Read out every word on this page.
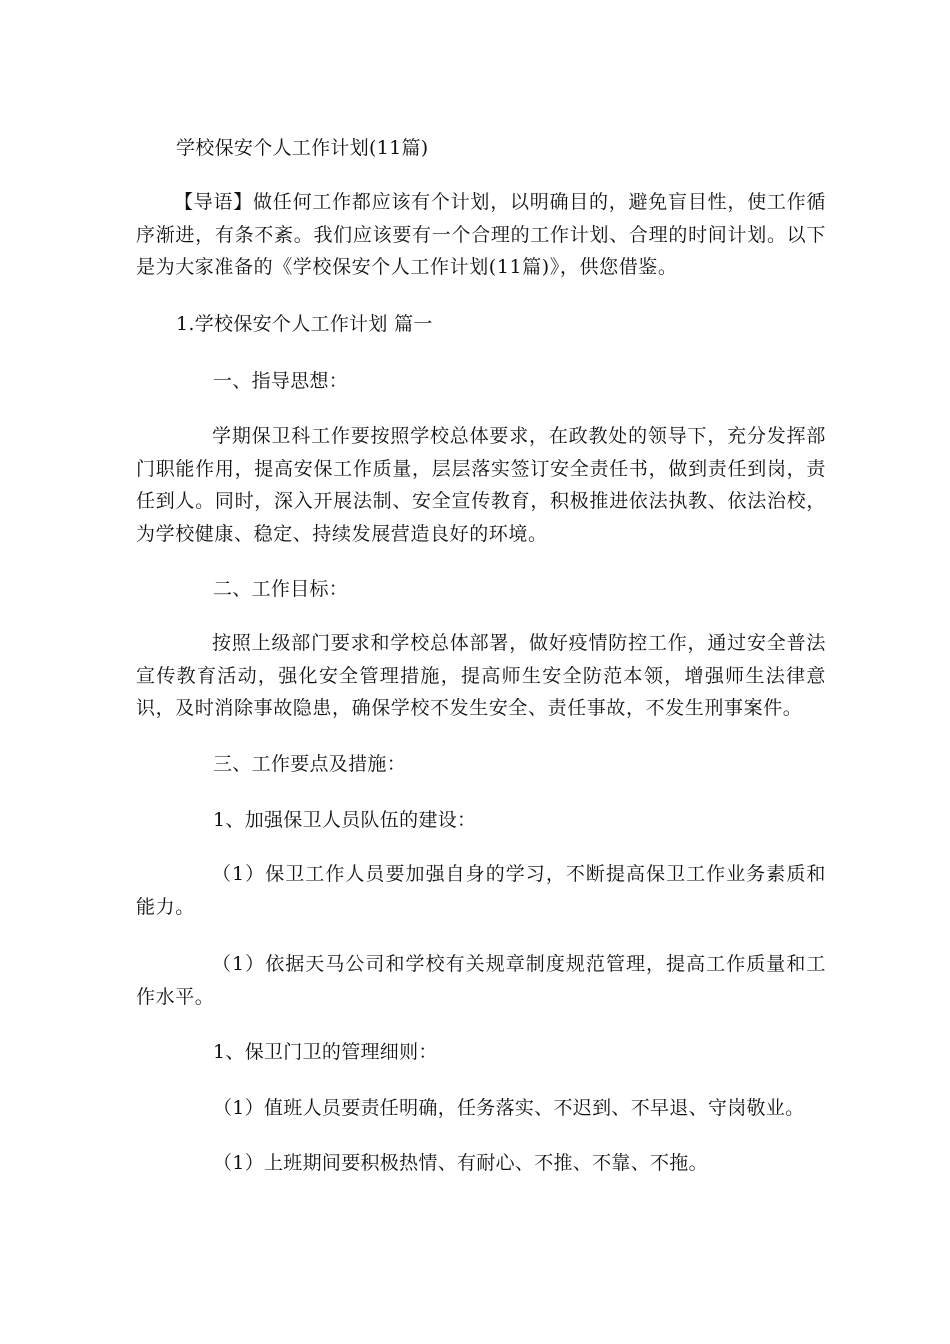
学校保安个人工作计划(11篇)
【导语】做任何工作都应该有个计划，以明确目的，避免盲目性，使工作循序渐进，有条不紊。我们应该要有一个合理的工作计划、合理的时间计划。以下是为大家准备的《学校保安个人工作计划(11篇)》，供您借鉴。
1.学校保安个人工作计划 篇一
一、指导思想：
学期保卫科工作要按照学校总体要求，在政教处的领导下，充分发挥部门职能作用，提高安保工作质量，层层落实签订安全责任书，做到责任到岗，责任到人。同时，深入开展法制、安全宣传教育，积极推进依法执教、依法治校，为学校健康、稳定、持续发展营造良好的环境。
二、工作目标：
按照上级部门要求和学校总体部署，做好疫情防控工作，通过安全普法宣传教育活动，强化安全管理措施，提高师生安全防范本领，增强师生法律意识，及时消除事故隐患，确保学校不发生安全、责任事故，不发生刑事案件。
三、工作要点及措施：
1、加强保卫人员队伍的建设：
（1）保卫工作人员要加强自身的学习，不断提高保卫工作业务素质和能力。
（1）依据天马公司和学校有关规章制度规范管理，提高工作质量和工作水平。
1、保卫门卫的管理细则：
（1）值班人员要责任明确，任务落实、不迟到、不早退、守岗敬业。
（1）上班期间要积极热情、有耐心、不推、不靠、不拖。
